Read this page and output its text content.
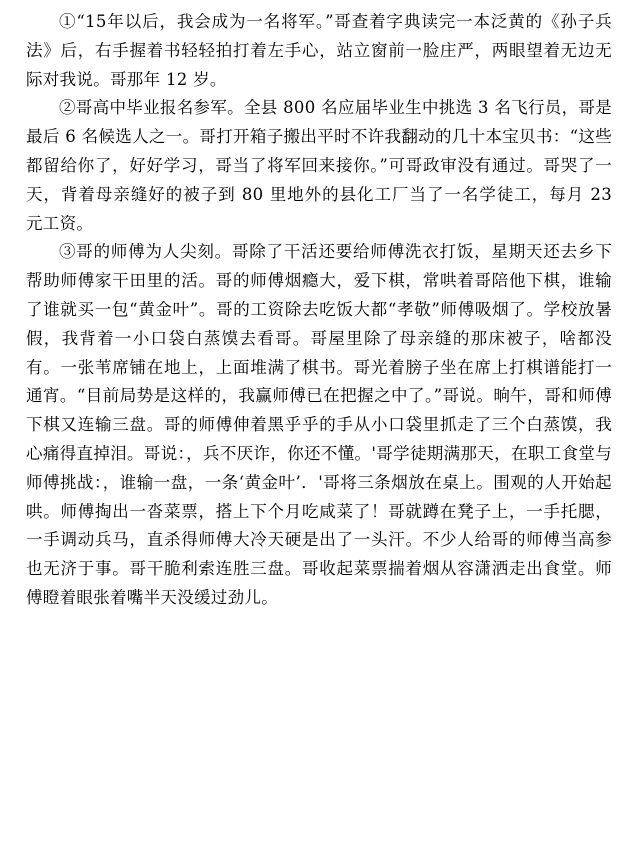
①“15年以后，我会成为一名将军。”哥查着字典读完一本泛黄的《孙子兵法》后，右手握着书轻轻拍打着左手心，站立窗前一脸庄严，两眼望着无边无际对我说。哥那年 12 岁。

②哥高中毕业报名参军。全县 800 名应届毕业生中挑选 3 名飞行员，哥是最后 6 名候选人之一。哥打开箱子搬出平时不许我翻动的几十本宝贝书：“这些都留给你了，好好学习，哥当了将军回来接你。”可哥政审没有通过。哥哭了一天，背着母亲缝好的被子到 80 里地外的县化工厂当了一名学徒工，每月 23 元工资。

③哥的师傅为人尖刻。哥除了干活还要给师傅洗衣打饭，星期天还去乡下帮助师傅家干田里的活。哥的师傅烟瘾大，爱下棋，常哄着哥陪他下棋，谁输了谁就买一包“黄金叶”。哥的工资除去吃饭大都“孝敬”师傅吸烟了。学校放暑假，我背着一小口袋白蒸馍去看哥。哥屋里除了母亲缝的那床被子，啥都没有。一张苇席铺在地上，上面堆满了棋书。哥光着膀子坐在席上打棋谱能打一通宵。“目前局势是这样的，我赢师傅已在把握之中了。”哥说。晌午，哥和师傅下棋又连输三盘。哥的师傅伸着黑乎乎的手从小口袋里抓走了三个白蒸馍，我心痛得直掉泪。哥说：，兵不厌诈，你还不懂。'哥学徒期满那天，在职工食堂与师傅挑战：，谁输一盘，一条‘黄金叶’．'哥将三条烟放在桌上。围观的人开始起哄。师傅掏出一沓菜票，搭上下个月吃咸菜了！哥就蹲在凳子上，一手托腮，一手调动兵马，直杀得师傅大冷天硬是出了一头汗。不少人给哥的师傅当高参也无济于事。哥干脆利索连胜三盘。哥收起菜票揣着烟从容潇洒走出食堂。师傅瞪着眼张着嘴半天没缓过劲儿。
